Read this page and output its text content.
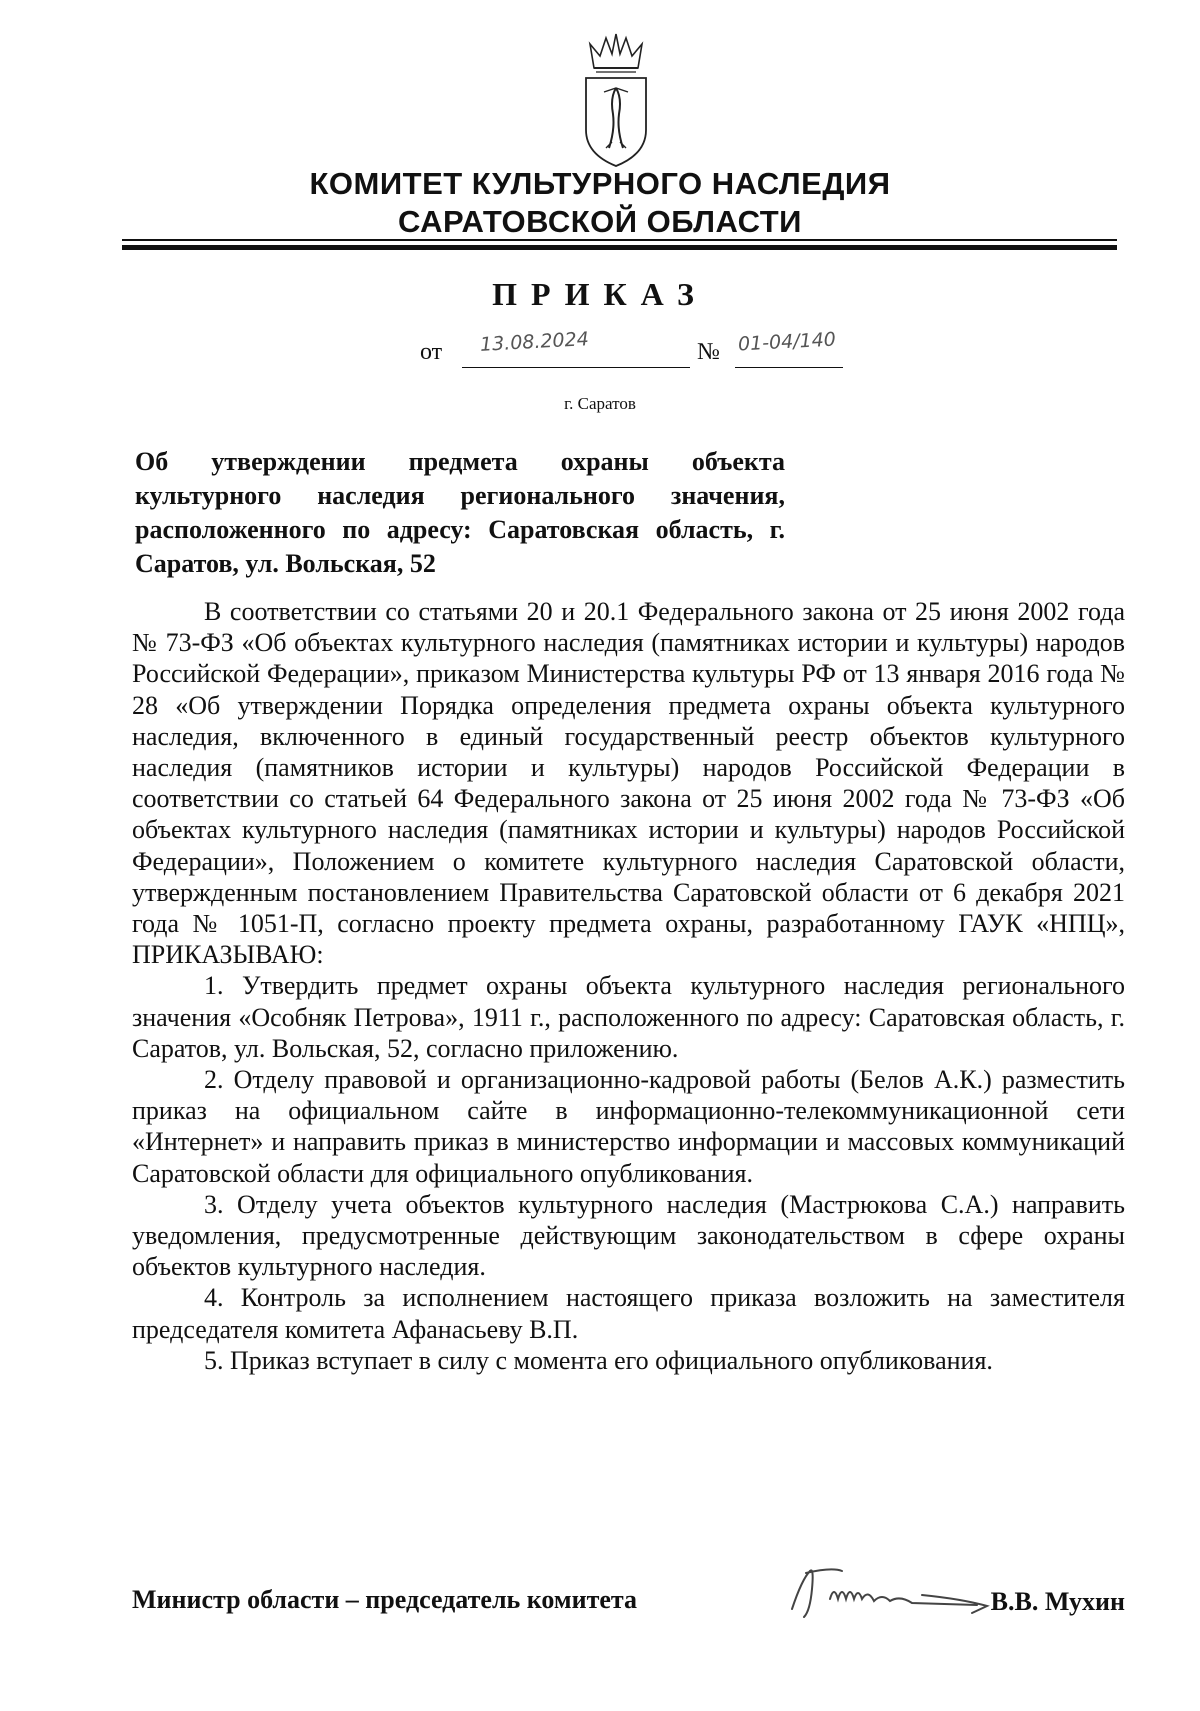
КОМИТЕТ КУЛЬТУРНОГО НАСЛЕДИЯ
САРАТОВСКОЙ ОБЛАСТИ
ПРИКАЗ
от 13.08.2024	№ 01-04/140
г. Саратов
Об утверждении предмета охраны объекта культурного наследия регионального значения, расположенного по адресу: Саратовская область, г. Саратов, ул. Вольская, 52

В соответствии со статьями 20 и 20.1 Федерального закона от 25 июня 2002 года № 73-ФЗ «Об объектах культурного наследия (памятниках истории и культуры) народов Российской Федерации», приказом Министерства культуры РФ от 13 января 2016 года № 28 «Об утверждении Порядка определения предмета охраны объекта культурного наследия, включенного в единый государственный реестр объектов культурного наследия (памятников истории и культуры) народов Российской Федерации в соответствии со статьей 64 Федерального закона от 25 июня 2002 года № 73-ФЗ «Об объектах культурного наследия (памятниках истории и культуры) народов Российской Федерации», Положением о комитете культурного наследия Саратовской области, утвержденным постановлением Правительства Саратовской области от 6 декабря 2021 года № 1051-П, согласно проекту предмета охраны, разработанному ГАУК «НПЦ», ПРИКАЗЫВАЮ:

1. Утвердить предмет охраны объекта культурного наследия регионального значения «Особняк Петрова», 1911 г., расположенного по адресу: Саратовская область, г. Саратов, ул. Вольская, 52, согласно приложению.

2. Отделу правовой и организационно-кадровой работы (Белов А.К.) разместить приказ на официальном сайте в информационно-телекоммуникационной сети «Интернет» и направить приказ в министерство информации и массовых коммуникаций Саратовской области для официального опубликования.

3. Отделу учета объектов культурного наследия (Мастрюкова С.А.) направить уведомления, предусмотренные действующим законодательством в сфере охраны объектов культурного наследия.

4. Контроль за исполнением настоящего приказа возложить на заместителя председателя комитета Афанасьеву В.П.

5. Приказ вступает в силу с момента его официального опубликования.

Министр области – председатель комитета	В.В. Мухин
